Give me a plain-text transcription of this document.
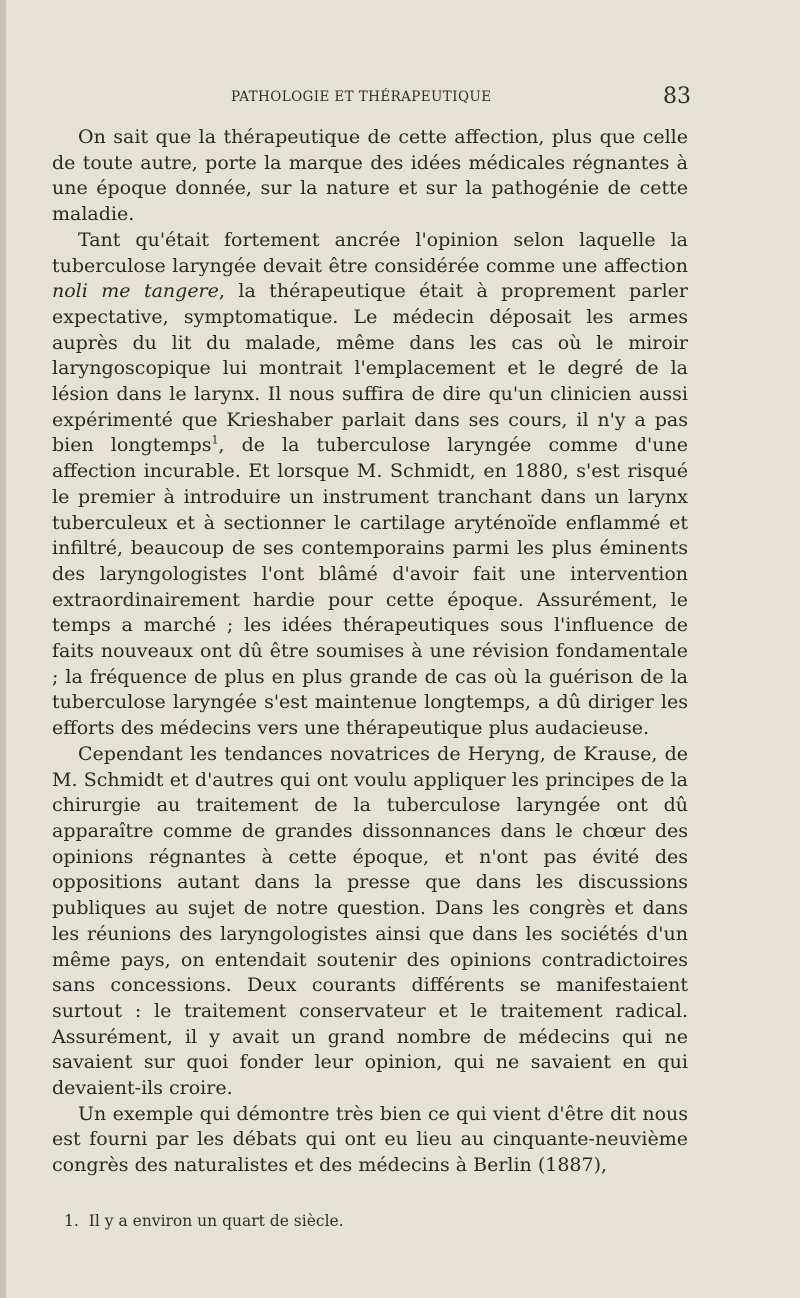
PATHOLOGIE ET THÉRAPEUTIQUE	83

On sait que la thérapeutique de cette affection, plus que celle de toute autre, porte la marque des idées médicales régnantes à une époque donnée, sur la nature et sur la pathogénie de cette maladie.

Tant qu'était fortement ancrée l'opinion selon laquelle la tuberculose laryngée devait être considérée comme une affection noli me tangere, la thérapeutique était à proprement parler expectative, symptomatique. Le médecin déposait les armes auprès du lit du malade, même dans les cas où le miroir laryngoscopique lui montrait l'emplacement et le degré de la lésion dans le larynx. Il nous suffira de dire qu'un clinicien aussi expérimenté que Krieshaber parlait dans ses cours, il n'y a pas bien longtemps$^1$, de la tuberculose laryngée comme d'une affection incurable. Et lorsque M. Schmidt, en 1880, s'est risqué le premier à introduire un instrument tranchant dans un larynx tuberculeux et à sectionner le cartilage aryténoïde enflammé et infiltré, beaucoup de ses contemporains parmi les plus éminents des laryngologistes l'ont blâmé d'avoir fait une intervention extraordinairement hardie pour cette époque. Assurément, le temps a marché ; les idées thérapeutiques sous l'influence de faits nouveaux ont dû être soumises à une révision fondamentale ; la fréquence de plus en plus grande de cas où la guérison de la tuberculose laryngée s'est maintenue longtemps, a dû diriger les efforts des médecins vers une thérapeutique plus audacieuse.

Cependant les tendances novatrices de Heryng, de Krause, de M. Schmidt et d'autres qui ont voulu appliquer les principes de la chirurgie au traitement de la tuberculose laryngée ont dû apparaître comme de grandes dissonnances dans le chœur des opinions régnantes à cette époque, et n'ont pas évité des oppositions autant dans la presse que dans les discussions publiques au sujet de notre question. Dans les congrès et dans les réunions des laryngologistes ainsi que dans les sociétés d'un même pays, on entendait soutenir des opinions contradictoires sans concessions. Deux courants différents se manifestaient surtout : le traitement conservateur et le traitement radical. Assurément, il y avait un grand nombre de médecins qui ne savaient sur quoi fonder leur opinion, qui ne savaient en qui devaient-ils croire.

Un exemple qui démontre très bien ce qui vient d'être dit nous est fourni par les débats qui ont eu lieu au cinquante-neuvième congrès des naturalistes et des médecins à Berlin (1887),

1. Il y a environ un quart de siècle.
